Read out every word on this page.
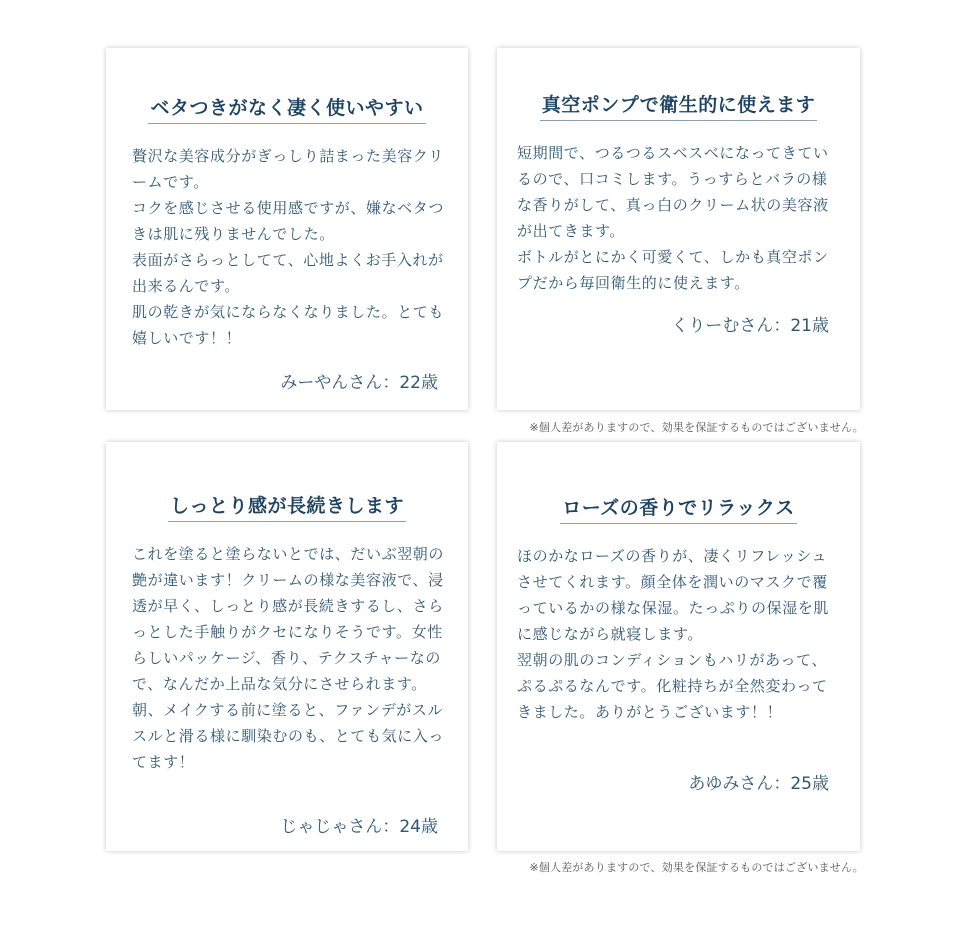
ベタつきがなく凄く使いやすい

贅沢な美容成分がぎっしり詰まった美容クリームです。

コクを感じさせる使用感ですが、嫌なベタつきは肌に残りませんでした。

表面がさらっとしてて、心地よくお手入れが出来るんです。

肌の乾きが気にならなくなりました。とても嬉しいです！！

みーやんさん：22歳
真空ポンプで衛生的に使えます

短期間で、つるつるスベスベになってきているので、口コミします。うっすらとバラの様な香りがして、真っ白のクリーム状の美容液が出てきます。

ボトルがとにかく可愛くて、しかも真空ポンプだから毎回衛生的に使えます。

くりーむさん：21歳
※個人差がありますので、効果を保証するものではございません。
しっとり感が長続きします

これを塗ると塗らないとでは、だいぶ翌朝の艶が違います！クリームの様な美容液で、浸透が早く、しっとり感が長続きするし、さらっとした手触りがクセになりそうです。女性らしいパッケージ、香り、テクスチャーなので、なんだか上品な気分にさせられます。

朝、メイクする前に塗ると、ファンデがスルスルと滑る様に馴染むのも、とても気に入ってます！

じゃじゃさん：24歳
ローズの香りでリラックス

ほのかなローズの香りが、凄くリフレッシュさせてくれます。顔全体を潤いのマスクで覆っているかの様な保湿。たっぷりの保湿を肌に感じながら就寝します。

翌朝の肌のコンディションもハリがあって、ぷるぷるなんです。化粧持ちが全然変わってきました。ありがとうございます！！

あゆみさん：25歳
※個人差がありますので、効果を保証するものではございません。
